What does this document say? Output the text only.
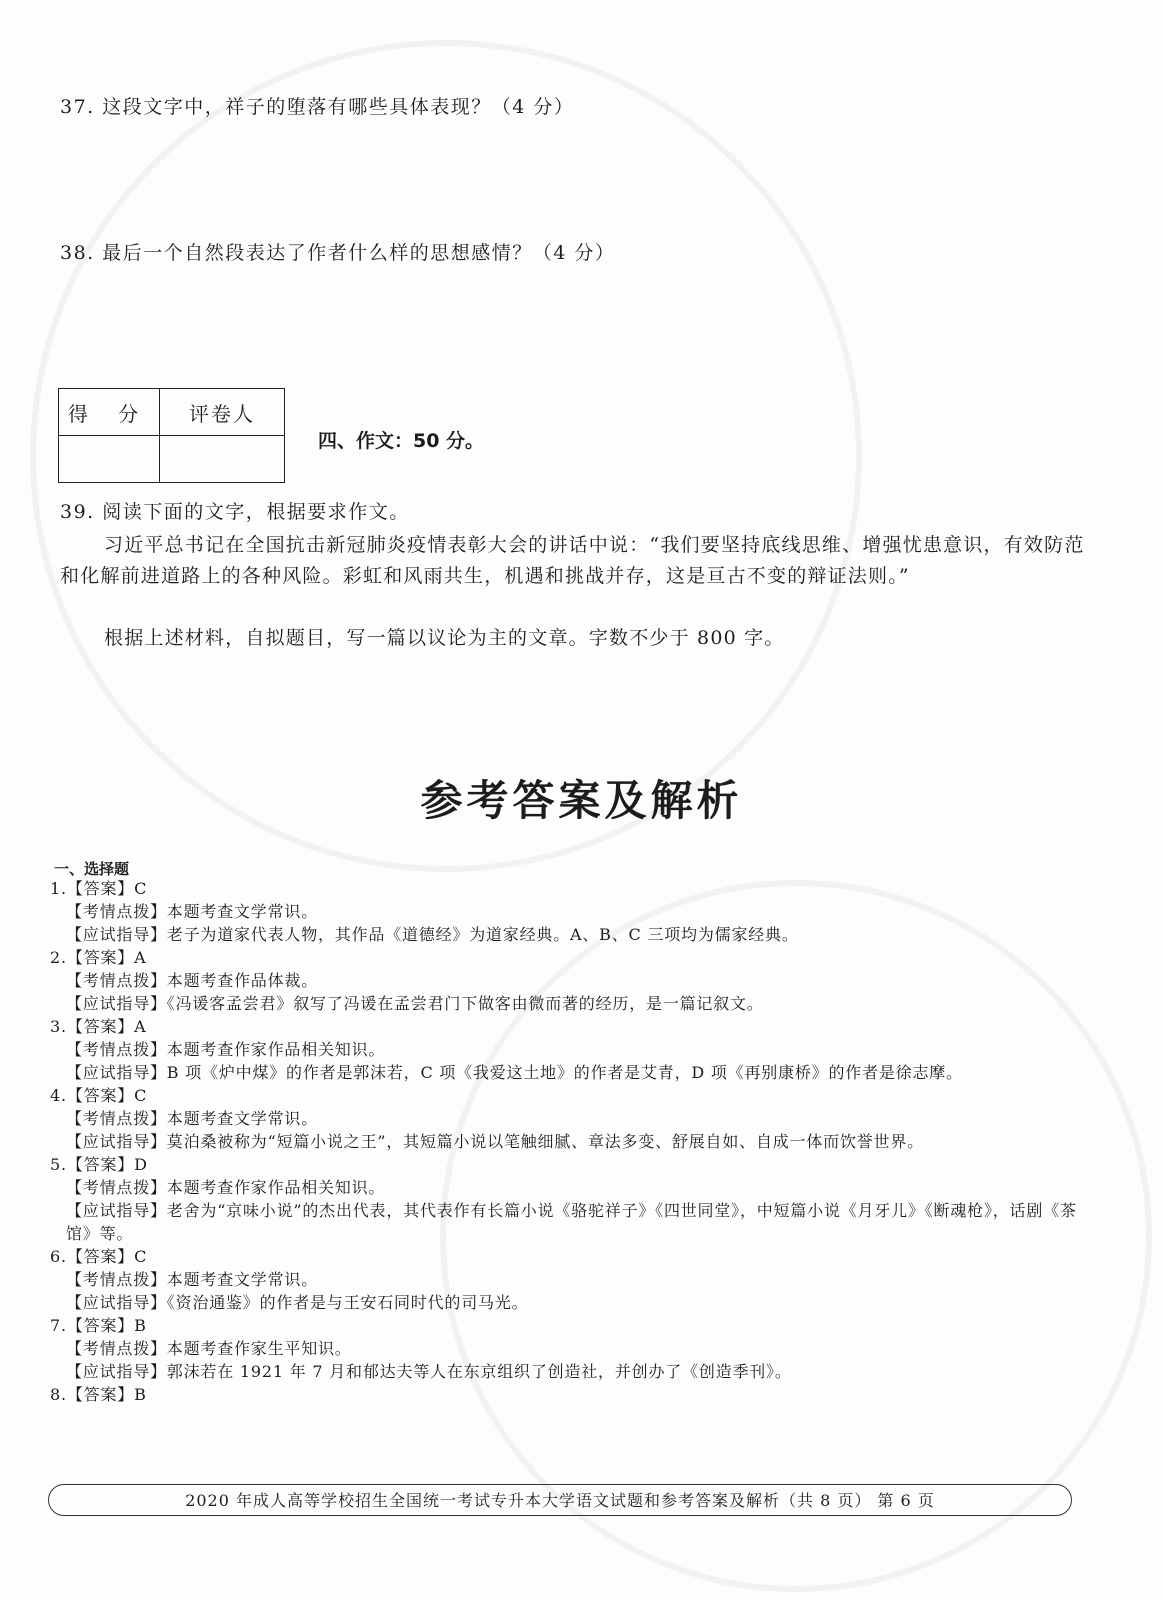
37. 这段文字中，祥子的堕落有哪些具体表现？（4 分）
38. 最后一个自然段表达了作者什么样的思想感情？（4 分）
得 分	评卷人

四、作文：50 分。
39. 阅读下面的文字，根据要求作文。
习近平总书记在全国抗击新冠肺炎疫情表彰大会的讲话中说：“我们要坚持底线思维、增强忧患意识，有效防范和化解前进道路上的各种风险。彩虹和风雨共生，机遇和挑战并存，这是亘古不变的辩证法则。”
根据上述材料，自拟题目，写一篇以议论为主的文章。字数不少于 800 字。
参考答案及解析
一、选择题
1.【答案】C
【考情点拨】本题考查文学常识。
【应试指导】老子为道家代表人物，其作品《道德经》为道家经典。A、B、C 三项均为儒家经典。
2.【答案】A
【考情点拨】本题考查作品体裁。
【应试指导】《冯谖客孟尝君》叙写了冯谖在孟尝君门下做客由微而著的经历，是一篇记叙文。
3.【答案】A
【考情点拨】本题考查作家作品相关知识。
【应试指导】B 项《炉中煤》的作者是郭沫若，C 项《我爱这土地》的作者是艾青，D 项《再别康桥》的作者是徐志摩。
4.【答案】C
【考情点拨】本题考查文学常识。
【应试指导】莫泊桑被称为“短篇小说之王”，其短篇小说以笔触细腻、章法多变、舒展自如、自成一体而饮誉世界。
5.【答案】D
【考情点拨】本题考查作家作品相关知识。
【应试指导】老舍为“京味小说”的杰出代表，其代表作有长篇小说《骆驼祥子》《四世同堂》，中短篇小说《月牙儿》《断魂枪》，话剧《茶馆》等。
6.【答案】C
【考情点拨】本题考查文学常识。
【应试指导】《资治通鉴》的作者是与王安石同时代的司马光。
7.【答案】B
【考情点拨】本题考查作家生平知识。
【应试指导】郭沫若在 1921 年 7 月和郁达夫等人在东京组织了创造社，并创办了《创造季刊》。
8.【答案】B
2020 年成人高等学校招生全国统一考试专升本大学语文试题和参考答案及解析（共 8 页） 第 6 页
